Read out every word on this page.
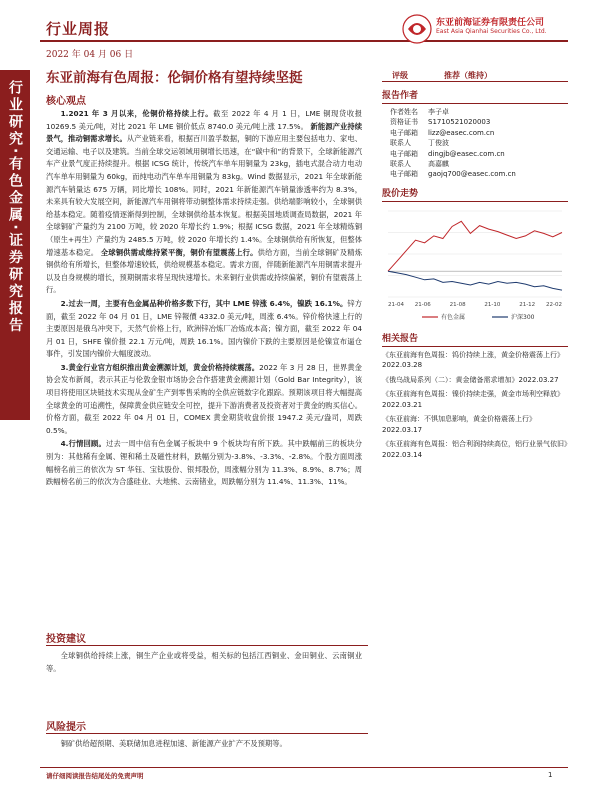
行业周报
2022 年 04 月 06 日
东亚前海证券有限责任公司
East Asia Qianhai Securities Co., Ltd.
行业研究·有色金属·证券研究报告
东亚前海有色周报：伦铜价格有望持续坚挺
核心观点

1.2021 年 3 月以来，伦铜价格持续上行。截至 2022 年 4 月 1 日，LME 铜现货收报 10269.5 美元/吨，对比 2021 年 LME 铜价低点 8740.0 美元/吨上涨 17.5%。 新能源产业持续景气，推动铜需求增长。从产业链来看，根据百川盈孚数据，铜的下游应用主要包括电力、家电、交通运输、电子以及建筑。当前全球交运领域用铜增长迅速，在“碳中和”的背景下，全球新能源汽车产业景气度正持续提升。根据 ICSG 统计，传统汽车单车用铜量为 23kg，插电式混合动力电动汽车单车用铜量为 60kg，而纯电动汽车单车用铜量为 83kg。Wind 数据显示，2021 年全球新能源汽车销量达 675 万辆，同比增长 108%。同时，2021 年新能源汽车销量渗透率约为 8.3%，未来具有较大发展空间，新能源汽车用铜将带动铜整体需求持续走强。供给端影响较小，全球铜供给基本稳定。随着疫情逐渐得到控制，全球铜供给基本恢复。根据美国地质调查局数据，2021 年全球铜矿产量约为 2100 万吨，较 2020 年增长约 1.9%；根据 ICSG 数据，2021 年全球精炼铜（原生+再生）产量约为 2485.5 万吨，较 2020 年增长约 1.4%。全球铜供给有所恢复，但整体增速基本稳定。 全球铜供需或维持紧平衡，铜价有望震荡上行。供给方面，当前全球铜矿及精炼铜供给有所增长，但整体增速较低，供给规模基本稳定。需求方面，伴随新能源汽车用铜需求提升以及自身规模的增长，预期铜需求将呈现快速增长。未来铜行业供需或持续偏紧，铜价有望震荡上行。

2.过去一周，主要有色金属品种价格多数下行，其中 LME 锌涨 6.4%，镍跌 16.1%。锌方面，截至 2022 年 04 月 01 日，LME 锌報價 4332.0 美元/吨，周涨 6.4%。锌价格快速上行的主要原因是俄乌冲突下，天然气价格上行，欧洲锌冶炼厂冶炼成本高；镍方面，截至 2022 年 04 月 01 日，SHFE 镍价报 22.1 万元/吨，周跌 16.1%。国内镍价下跌的主要原因是伦镍宣布逼仓事件，引发国内镍价大幅度波动。

3.黄金行业官方组织推出黄金溯源计划，黄金价格持续震荡。2022 年 3 月 28 日，世界黄金协会发布新闻，表示其正与伦敦金银市场协会合作搭建黄金溯源计划（Gold Bar Integrity），该项目将使用区块链技术实现从金矿生产到零售采购的全供应链数字化跟踪。预期该项目将大幅提高全球黄金的可追溯性，保障黄金供应链安全可控，提升下游消费者及投资者对于黄金的购买信心。价格方面，截至 2022 年 04 月 01 日，COMEX 黄金期货收盘价报 1947.2 美元/盎司，周跌 0.5%。

4.行情回顾。过去一周中信有色金属子板块中 9 个板块均有所下跌。其中跌幅前三的板块分别为：其他稀有金属、锂和稀土及磁性材料，跌幅分别为-3.8%、-3.3%、-2.8%。个股方面周涨幅榜名前三的依次为 ST 华钰、宝钛股份、银邦股份，周涨幅分别为 11.3%、8.9%、8.7%；周跌幅榜名前三的依次为合盛硅业、大地熊、云南锗业，周跌幅分别为 11.4%、11.3%、11%。

投资建议

全球铜供给持续上涨，铜生产企业或将受益，相关标的包括江西铜业、金田铜业、云南铜业等。

风险提示

铜矿供给超预期、美联储加息进程加速、新能源产业扩产不及预期等。

评级	推荐（维持）
报告作者
作者姓名	李子卓
资格证书	S1710521020003
电子邮箱	lizz@easec.com.cn
联系人	丁俊波
电子邮箱	dingjb@easec.com.cn
联系人	高嘉麒
电子邮箱	gaojq700@easec.com.cn
股价走势
21-04 21-06	21-08	21-10	21-12 22-02
有色金属	沪深300
相关报告
《东亚前海有色周报：钨价持续上涨，黄金价格震荡上行》2022.03.28
《俄乌战局系列（二）：黄金储备需求增加》2022.03.27
《东亚前海有色周报：镍价持续走强，黄金市场利空释放》2022.03.21
《东亚前海：不惧加息影响，黄金价格震荡上行》2022.03.17
《东亚前海有色周报：铝合利润持续高位，铝行业景气依旧》2022.03.14
请仔细阅读报告结尾处的免责声明	1
